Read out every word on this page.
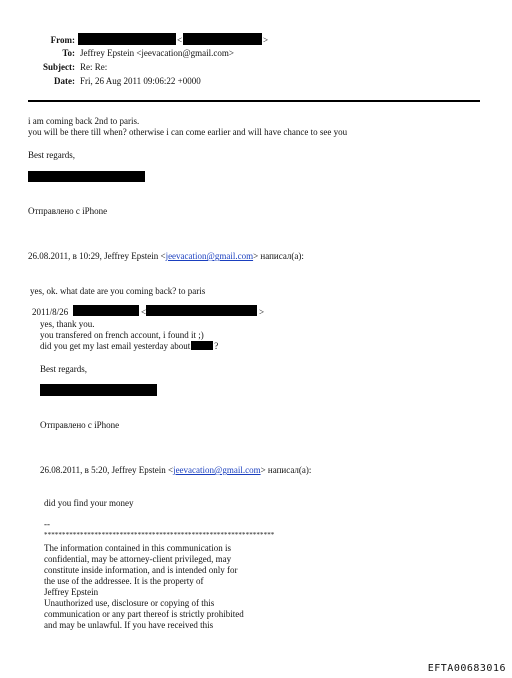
From:	<	>
To: Jeffrey Epstein <jeevacation@gmail.com>
Subject: Re: Re:
Date: Fri, 26 Aug 2011 09:06:22 +0000
i am coming back 2nd to paris.
you will be there till when? otherwise i can come earlier and will have chance to see you
Best regards,
Отправлено с iPhone
26.08.2011, в 10:29, Jeffrey Epstein <jeevacation@gmail.com> написал(а):
yes, ok. what date are you coming back? to paris
2011/8/26	<	>
yes, thank you.
you transfered on french account, i found it ;)
did you get my last email yesterday about	?
Best regards,
Отправлено с iPhone
26.08.2011, в 5:20, Jeffrey Epstein <jeevacation@gmail.com> написал(а):
did you find your money
--
****************************************************************
The information contained in this communication is
confidential, may be attorney-client privileged, may
constitute inside information, and is intended only for
the use of the addressee. It is the property of
Jeffrey Epstein
Unauthorized use, disclosure or copying of this
communication or any part thereof is strictly prohibited
and may be unlawful. If you have received this
EFTA00683016
